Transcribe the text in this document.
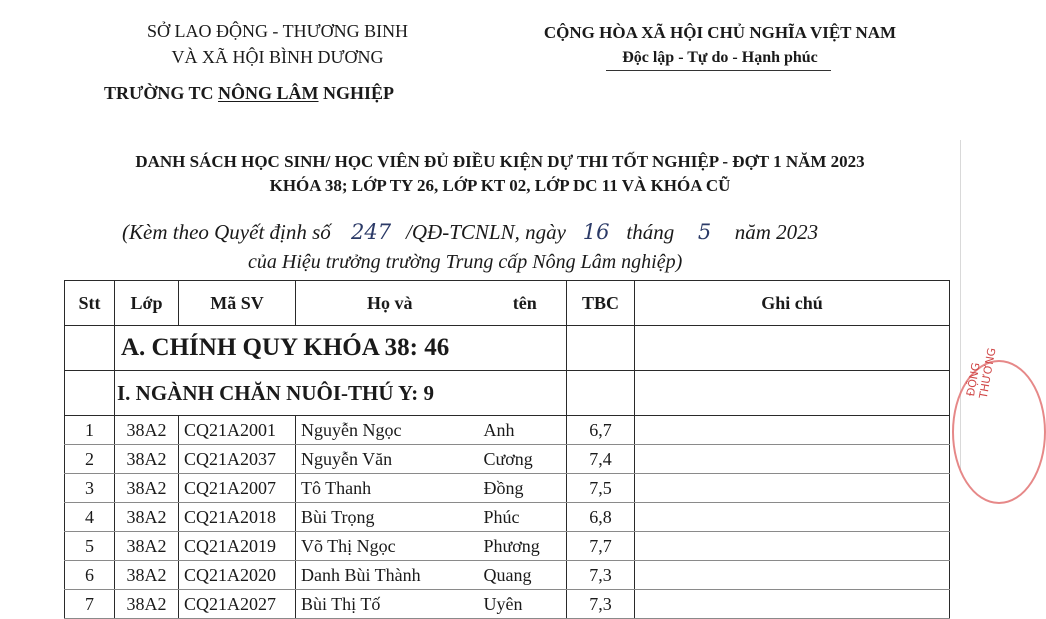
SỞ LAO ĐỘNG - THƯƠNG BINH
VÀ XÃ HỘI BÌNH DƯƠNG
TRƯỜNG TC NÔNG LÂM NGHIỆP
CỘNG HÒA XÃ HỘI CHỦ NGHĨA VIỆT NAM
Độc lập - Tự do - Hạnh phúc
DANH SÁCH HỌC SINH/ HỌC VIÊN ĐỦ ĐIỀU KIỆN DỰ THI TỐT NGHIỆP - ĐỢT 1 NĂM 2023
KHÓA 38; LỚP TY 26, LỚP KT 02, LỚP DC 11 VÀ KHÓA CŨ
(Kèm theo Quyết định số 247 /QĐ-TCNLN, ngày 16 tháng 5 năm 2023
của Hiệu trưởng trường Trung cấp Nông Lâm nghiệp)
Stt	Lớp	Mã SV	Họ và	tên	TBC	Ghi chú
	A. CHÍNH QUY KHÓA 38: 46					
	I. NGÀNH CHĂN NUÔI-THÚ Y: 9					
1	38A2	CQ21A2001	Nguyễn Ngọc	Anh	6,7	
2	38A2	CQ21A2037	Nguyễn Văn	Cương	7,4	
3	38A2	CQ21A2007	Tô Thanh	Đồng	7,5	
4	38A2	CQ21A2018	Bùi Trọng	Phúc	6,8	
5	38A2	CQ21A2019	Võ Thị Ngọc	Phương	7,7	
6	38A2	CQ21A2020	Danh Bùi Thành	Quang	7,3	
7	38A2	CQ21A2027	Bùi Thị Tố	Uyên	7,3	
ĐỘNG THƯƠNG
